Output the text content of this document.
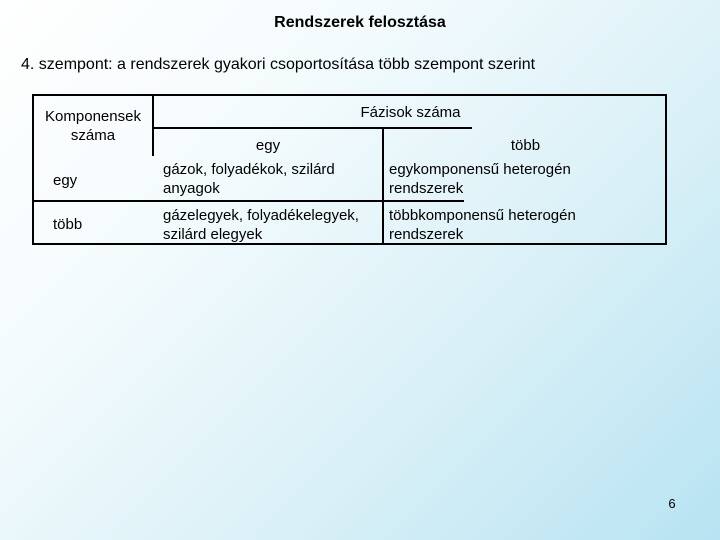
Rendszerek felosztása
4. szempont: a rendszerek gyakori csoportosítása több szempont szerint
Komponensek száma
Fázisok száma
egy	több
egy
gázok, folyadékok, szilárd anyagok
egykomponensű heterogén rendszerek
több
gázelegyek, folyadékelegyek, szilárd elegyek
többkomponensű heterogén rendszerek
6
